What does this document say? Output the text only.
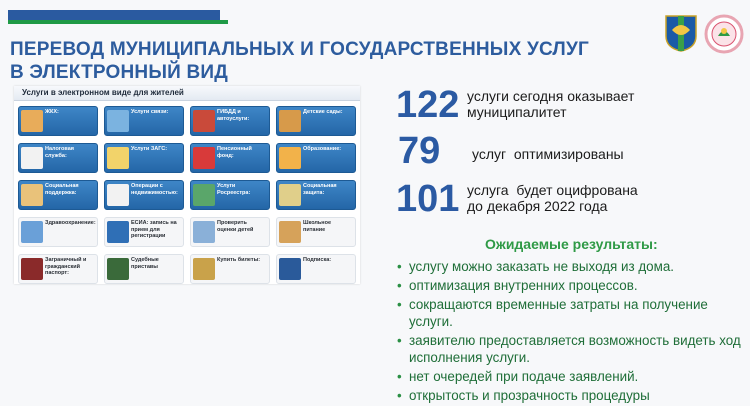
ПЕРЕВОД МУНИЦИПАЛЬНЫХ И ГОСУДАРСТВЕННЫХ УСЛУГ
В ЭЛЕКТРОННЫЙ ВИД
Услуги в электронном виде для жителей
ЖКХ:	Услуги связи:	ГИБДД и автоуслуги:
Детские сады:
Налоговая служба:
Услуги ЗАГС:	Пенсионный фонд:
Образование:
Социальная поддержка:
Операции с недвижимостью:
Услуги Росреестра:
Социальная защита:
Здравоохранение:	ЕСИА: запись на прием для регистрации
Проверить оценки детей
Школьное питание
Заграничный и гражданский паспорт:
Судебные приставы
Купить билеты:	Подписка:
122 услуги сегодня оказывает муниципалитет
79 услуг  оптимизированы
101 услуга  будет оцифрована до декабря 2022 года
Ожидаемые результаты:
• услугу можно заказать не выходя из дома.
• оптимизация внутренних процессов.
• сокращаются временные затраты на получение услуги.
• заявителю предоставляется возможность видеть ход исполнения услуги.
• нет очередей при подаче заявлений.
• открытость и прозрачность процедуры
